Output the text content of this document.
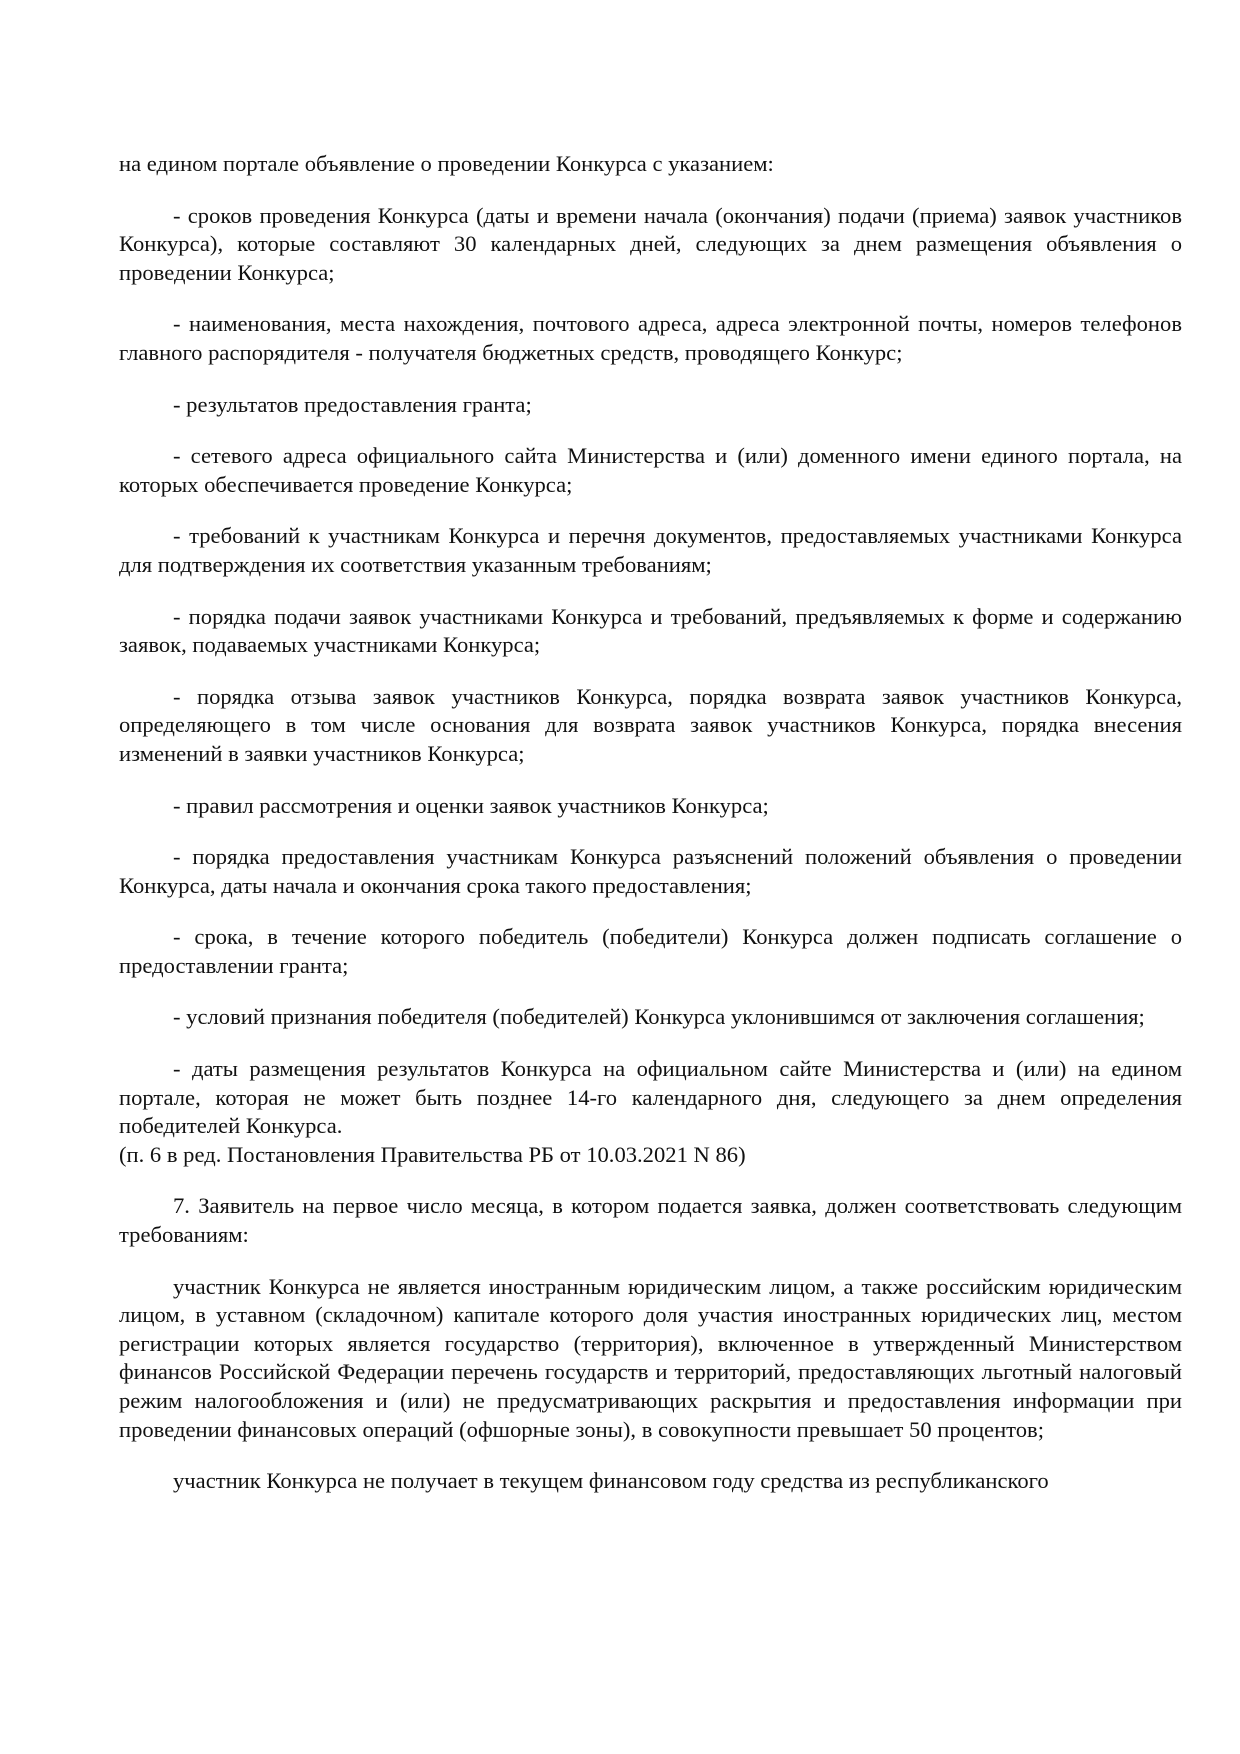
на едином портале объявление о проведении Конкурса с указанием:

- сроков проведения Конкурса (даты и времени начала (окончания) подачи (приема) заявок участников Конкурса), которые составляют 30 календарных дней, следующих за днем размещения объявления о проведении Конкурса;

- наименования, места нахождения, почтового адреса, адреса электронной почты, номеров телефонов главного распорядителя - получателя бюджетных средств, проводящего Конкурс;

- результатов предоставления гранта;

- сетевого адреса официального сайта Министерства и (или) доменного имени единого портала, на которых обеспечивается проведение Конкурса;

- требований к участникам Конкурса и перечня документов, предоставляемых участниками Конкурса для подтверждения их соответствия указанным требованиям;

- порядка подачи заявок участниками Конкурса и требований, предъявляемых к форме и содержанию заявок, подаваемых участниками Конкурса;

- порядка отзыва заявок участников Конкурса, порядка возврата заявок участников Конкурса, определяющего в том числе основания для возврата заявок участников Конкурса, порядка внесения изменений в заявки участников Конкурса;

- правил рассмотрения и оценки заявок участников Конкурса;

- порядка предоставления участникам Конкурса разъяснений положений объявления о проведении Конкурса, даты начала и окончания срока такого предоставления;

- срока, в течение которого победитель (победители) Конкурса должен подписать соглашение о предоставлении гранта;

- условий признания победителя (победителей) Конкурса уклонившимся от заключения соглашения;

- даты размещения результатов Конкурса на официальном сайте Министерства и (или) на едином портале, которая не может быть позднее 14-го календарного дня, следующего за днем определения победителей Конкурса.

(п. 6 в ред. Постановления Правительства РБ от 10.03.2021 N 86)

7. Заявитель на первое число месяца, в котором подается заявка, должен соответствовать следующим требованиям:

участник Конкурса не является иностранным юридическим лицом, а также российским юридическим лицом, в уставном (складочном) капитале которого доля участия иностранных юридических лиц, местом регистрации которых является государство (территория), включенное в утвержденный Министерством финансов Российской Федерации перечень государств и территорий, предоставляющих льготный налоговый режим налогообложения и (или) не предусматривающих раскрытия и предоставления информации при проведении финансовых операций (офшорные зоны), в совокупности превышает 50 процентов;

участник Конкурса не получает в текущем финансовом году средства из республиканского
